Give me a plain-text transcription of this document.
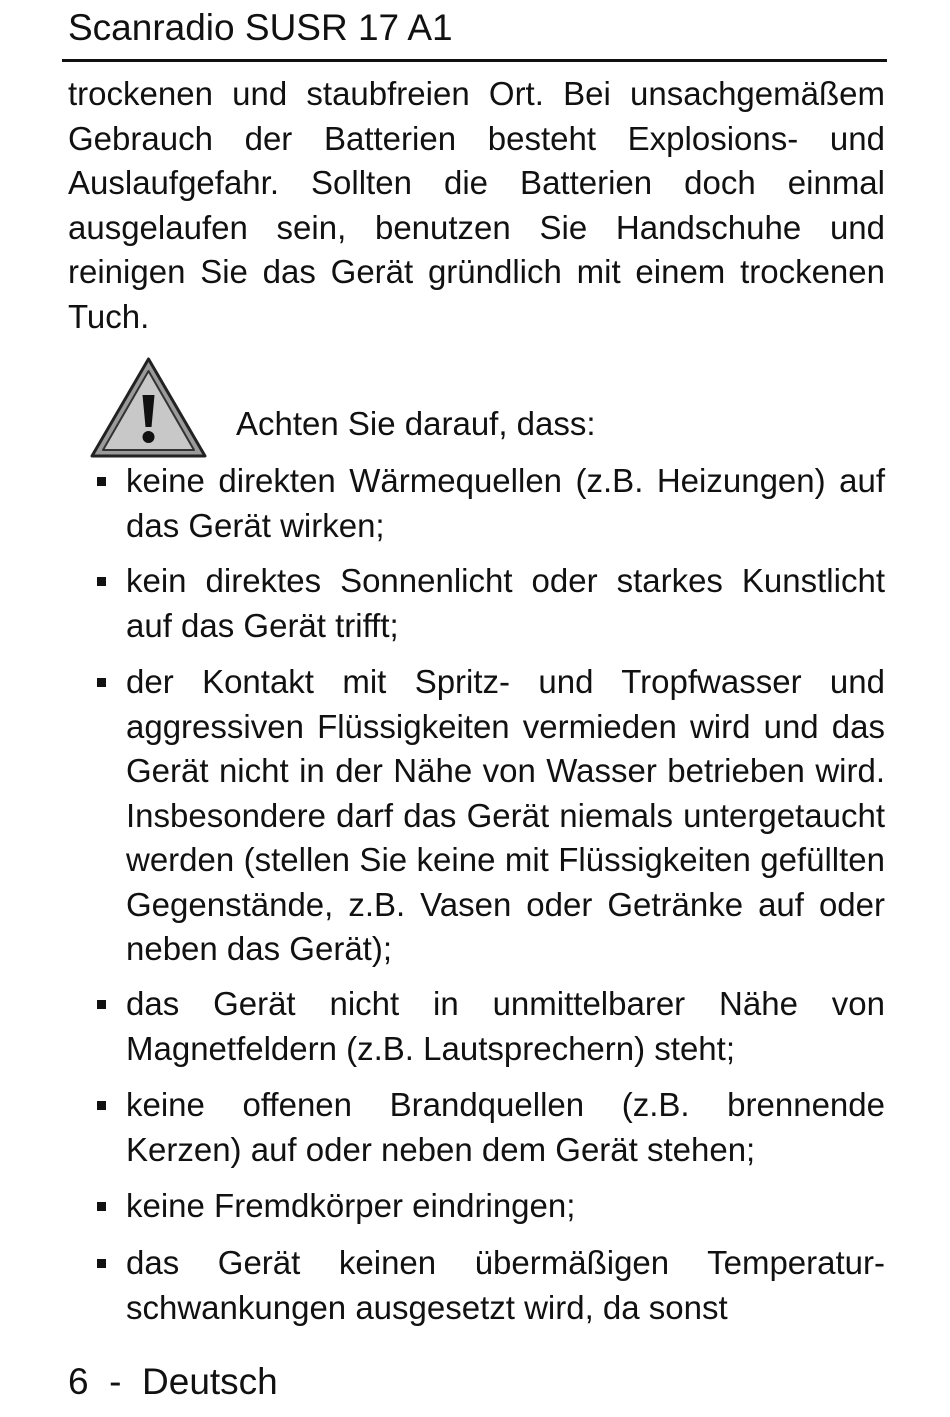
Scanradio SUSR 17 A1

trockenen und staubfreien Ort. Bei unsachgemäßem Gebrauch der Batterien besteht Explosions- und Auslaufgefahr. Sollten die Batterien doch einmal ausgelaufen sein, benutzen Sie Handschuhe und reinigen Sie das Gerät gründlich mit einem trockenen Tuch.

Achten Sie darauf, dass:
keine direkten Wärmequellen (z.B. Heizungen) auf das Gerät wirken;
kein direktes Sonnenlicht oder starkes Kunstlicht auf das Gerät trifft;
der Kontakt mit Spritz- und Tropfwasser und aggressiven Flüssigkeiten vermieden wird und das Gerät nicht in der Nähe von Wasser betrieben wird. Insbesondere darf das Gerät niemals untergetaucht werden (stellen Sie keine mit Flüssigkeiten gefüllten Gegenstände, z.B. Vasen oder Getränke auf oder neben das Gerät);
das Gerät nicht in unmittelbarer Nähe von Magnetfeldern (z.B. Lautsprechern) steht;
keine offenen Brandquellen (z.B. brennende Kerzen) auf oder neben dem Gerät stehen;
keine Fremdkörper eindringen;
das Gerät keinen übermäßigen Temperatur-schwankungen ausgesetzt wird, da sonst
6 - Deutsch
